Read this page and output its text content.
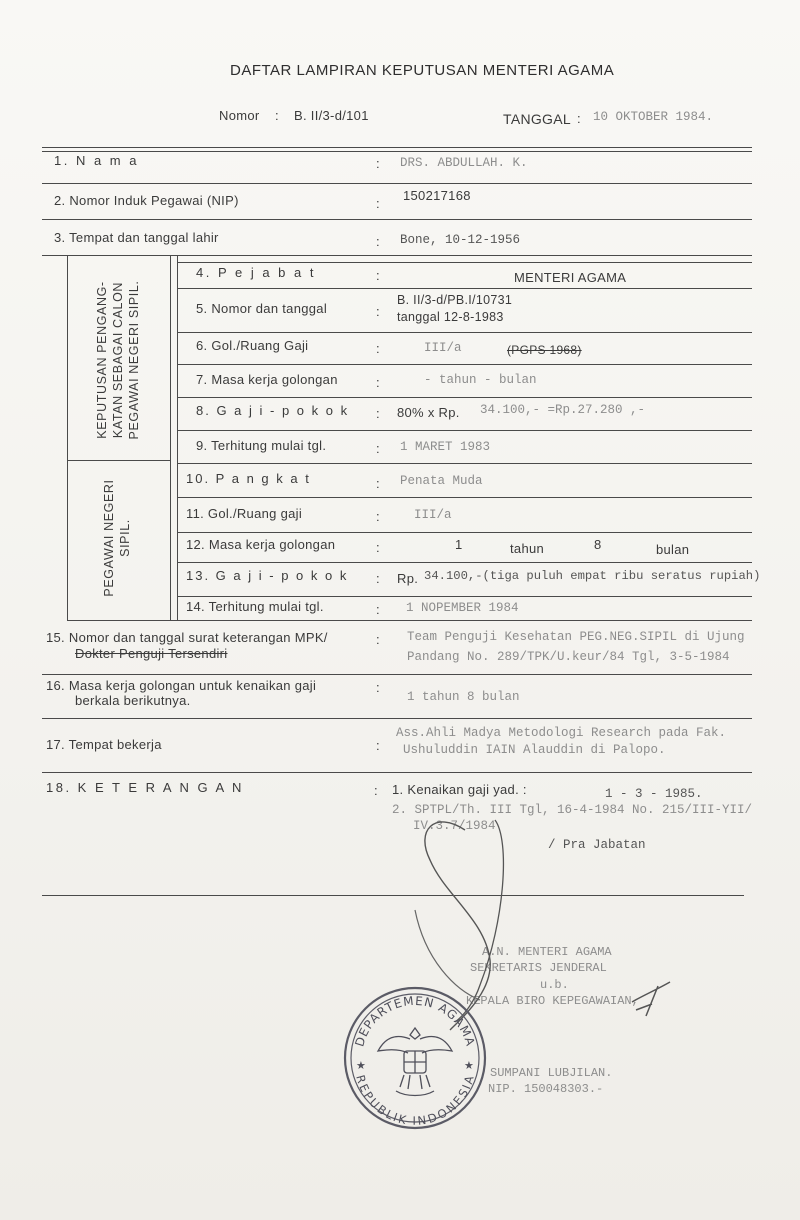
DAFTAR LAMPIRAN KEPUTUSAN MENTERI AGAMA
Nomor : B. II/3-d/101	TANGGAL : 10 OKTOBER 1984.
1. N a m a	: DRS. ABDULLAH. K.
2. Nomor Induk Pegawai (NIP)	:
150217168
3. Tempat dan tanggal lahir	: Bone, 10-12-1956
KEPUTUSAN PENGANG- KATAN SEBAGAI CALON PEGAWAI NEGERI SIPIL.
PEGAWAI NEGERI SIPIL.
4. P e j a b a t	:	MENTERI AGAMA
5. Nomor dan tanggal	:
B. II/3-d/PB.I/10731
tanggal 12-8-1983
6. Gol./Ruang Gaji	:	III/a	(PGPS 1968)
7. Masa kerja golongan	:	- tahun - bulan
8. G a j i - p o k o k : 80% x Rp. 34.100,- =Rp.27.280 ,-
9. Terhitung mulai tgl.	: 1 MARET 1983
10. P a n g k a t	: Penata Muda
11. Gol./Ruang gaji	:	III/a
12. Masa kerja golongan	:	1	tahun	8	bulan
13. G a j i - p o k o k : Rp. 34.100,-(tiga puluh empat ribu seratus rupiah)
14. Terhitung mulai tgl.	: 1 NOPEMBER 1984
15. Nomor dan tanggal surat keterangan MPK/
Dokter Penguji Tersendiri
: Team Penguji Kesehatan PEG.NEG.SIPIL di Ujung
Pandang No. 289/TPK/U.keur/84 Tgl, 3-5-1984
16. Masa kerja golongan untuk kenaikan gaji
berkala berikutnya.
:
1 tahun 8 bulan
17. Tempat bekerja	:
Ass.Ahli Madya Metodologi Research pada Fak.
Ushuluddin IAIN Alauddin di Palopo.
18. K E T E R A N G A N	: 1. Kenaikan gaji yad. :	1 - 3 - 1985.
2. SPTPL/Th. III Tgl, 16-4-1984 No. 215/III-YII/
IV.3.7/1984
/ Pra Jabatan
A.N. MENTERI AGAMA
SEKRETARIS JENDERAL
u.b.
KEPALA BIRO KEPEGAWAIAN,
SUMPANI LUBJILAN.
NIP. 150048303.-
DEPARTEMEN AGAMA
REPUBLIK INDONESIA
★	★
